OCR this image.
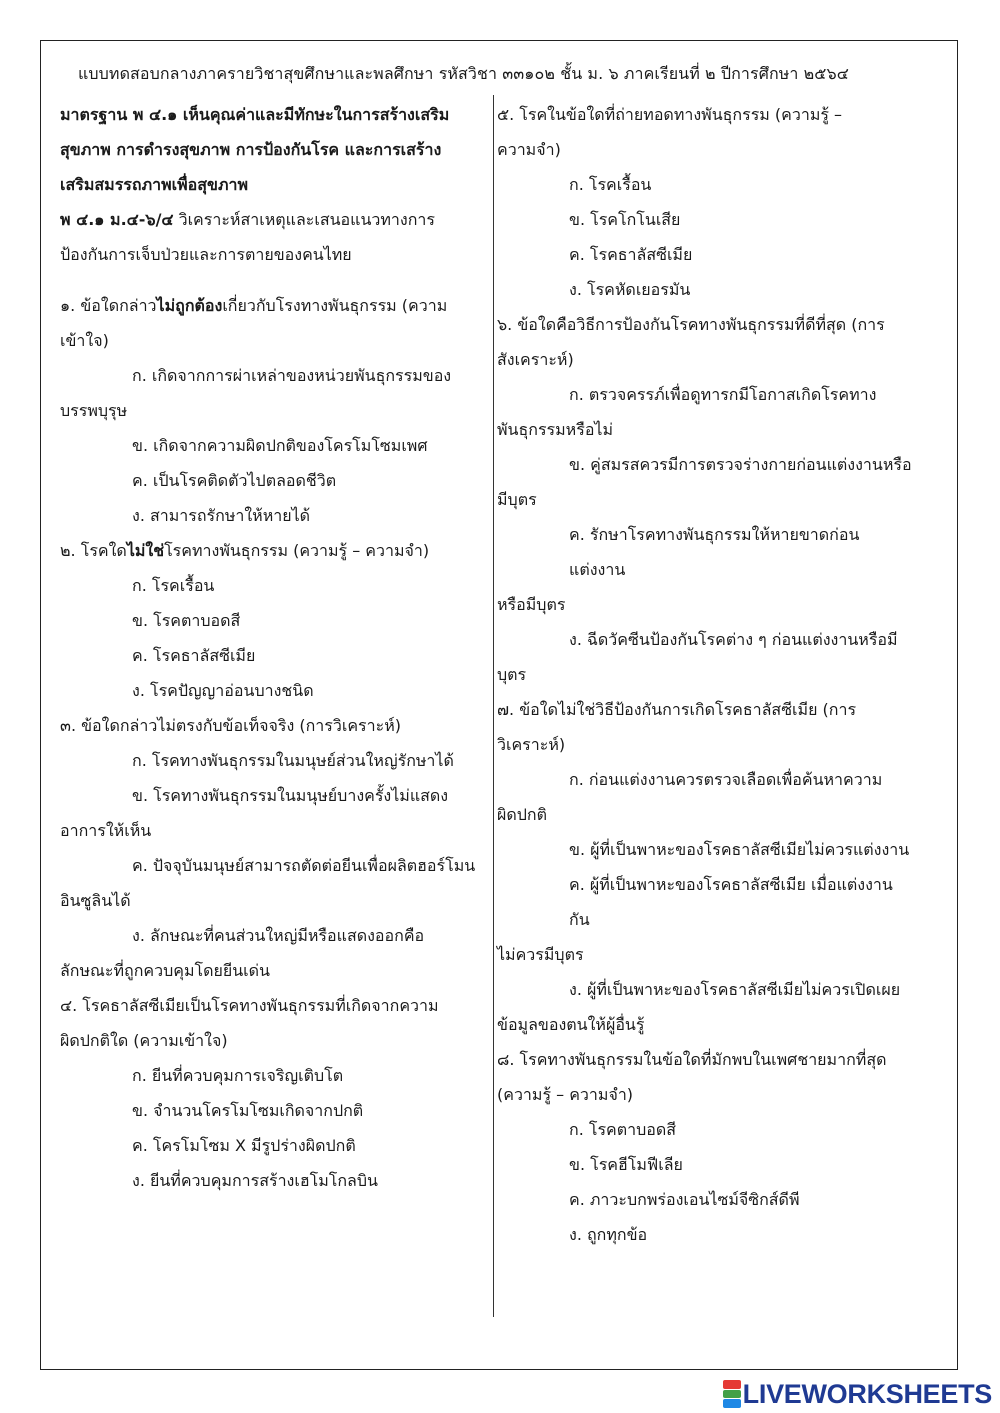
แบบทดสอบกลางภาครายวิชาสุขศึกษาและพลศึกษา รหัสวิชา ๓๓๑๐๒ ชั้น ม. ๖ ภาคเรียนที่ ๒ ปีการศึกษา ๒๕๖๔
มาตรฐาน พ ๔.๑ เห็นคุณค่าและมีทักษะในการสร้างเสริม
สุขภาพ การดำรงสุขภาพ การป้องกันโรค และการเสร้าง
เสริมสมรรถภาพเพื่อสุขภาพ
พ ๔.๑ ม.๔-๖/๔ วิเคราะห์สาเหตุและเสนอแนวทางการ
ป้องกันการเจ็บป่วยและการตายของคนไทย
๑. ข้อใดกล่าวไม่ถูกต้องเกี่ยวกับโรงทางพันธุกรรม (ความ
เข้าใจ)
ก. เกิดจากการผ่าเหล่าของหน่วยพันธุกรรมของ
บรรพบุรุษ
ข. เกิดจากความผิดปกติของโครโมโซมเพศ
ค. เป็นโรคติดตัวไปตลอดชีวิต
ง. สามารถรักษาให้หายได้
๒. โรคใดไม่ใช่โรคทางพันธุกรรม (ความรู้ – ความจำ)
ก. โรคเรื้อน
ข. โรคตาบอดสี
ค. โรคธาลัสซีเมีย
ง. โรคปัญญาอ่อนบางชนิด
๓. ข้อใดกล่าวไม่ตรงกับข้อเท็จจริง (การวิเคราะห์)
ก. โรคทางพันธุกรรมในมนุษย์ส่วนใหญ่รักษาได้
ข. โรคทางพันธุกรรมในมนุษย์บางครั้งไม่แสดง
อาการให้เห็น
ค. ปัจจุบันมนุษย์สามารถตัดต่อยีนเพื่อผลิตฮอร์โมน
อินซูลินได้
ง. ลักษณะที่คนส่วนใหญ่มีหรือแสดงออกคือ
ลักษณะที่ถูกควบคุมโดยยีนเด่น
๔. โรคธาลัสซีเมียเป็นโรคทางพันธุกรรมที่เกิดจากความ
ผิดปกติใด (ความเข้าใจ)
ก. ยีนที่ควบคุมการเจริญเติบโต
ข. จำนวนโครโมโซมเกิดจากปกติ
ค. โครโมโซม X มีรูปร่างผิดปกติ
ง. ยีนที่ควบคุมการสร้างเฮโมโกลบิน
๕. โรคในข้อใดที่ถ่ายทอดทางพันธุกรรม (ความรู้ –
ความจำ)
ก. โรคเรื้อน
ข. โรคโกโนเสีย
ค. โรคธาลัสซีเมีย
ง. โรคหัดเยอรมัน
๖. ข้อใดคือวิธีการป้องกันโรคทางพันธุกรรมที่ดีที่สุด (การ
สังเคราะห์)
ก. ตรวจครรภ์เพื่อดูทารกมีโอกาสเกิดโรคทาง
พันธุกรรมหรือไม่
ข. คู่สมรสควรมีการตรวจร่างกายก่อนแต่งงานหรือ
มีบุตร
ค. รักษาโรคทางพันธุกรรมให้หายขาดก่อนแต่งงาน
หรือมีบุตร
ง. ฉีดวัคซีนป้องกันโรคต่าง ๆ ก่อนแต่งงานหรือมี
บุตร
๗. ข้อใดไม่ใช่วิธีป้องกันการเกิดโรคธาลัสซีเมีย (การ
วิเคราะห์)
ก. ก่อนแต่งงานควรตรวจเลือดเพื่อค้นหาความ
ผิดปกติ
ข. ผู้ที่เป็นพาหะของโรคธาลัสซีเมียไม่ควรแต่งงาน
ค. ผู้ที่เป็นพาหะของโรคธาลัสซีเมีย เมื่อแต่งงานกัน
ไม่ควรมีบุตร
ง. ผู้ที่เป็นพาหะของโรคธาลัสซีเมียไม่ควรเปิดเผย
ข้อมูลของตนให้ผู้อื่นรู้
๘. โรคทางพันธุกรรมในข้อใดที่มักพบในเพศชายมากที่สุด
(ความรู้ – ความจำ)
ก. โรคตาบอดสี
ข. โรคฮีโมฟีเลีย
ค. ภาวะบกพร่องเอนไซม์จีซิกส์ดีพี
ง. ถูกทุกข้อ
LIVEWORKSHEETS
